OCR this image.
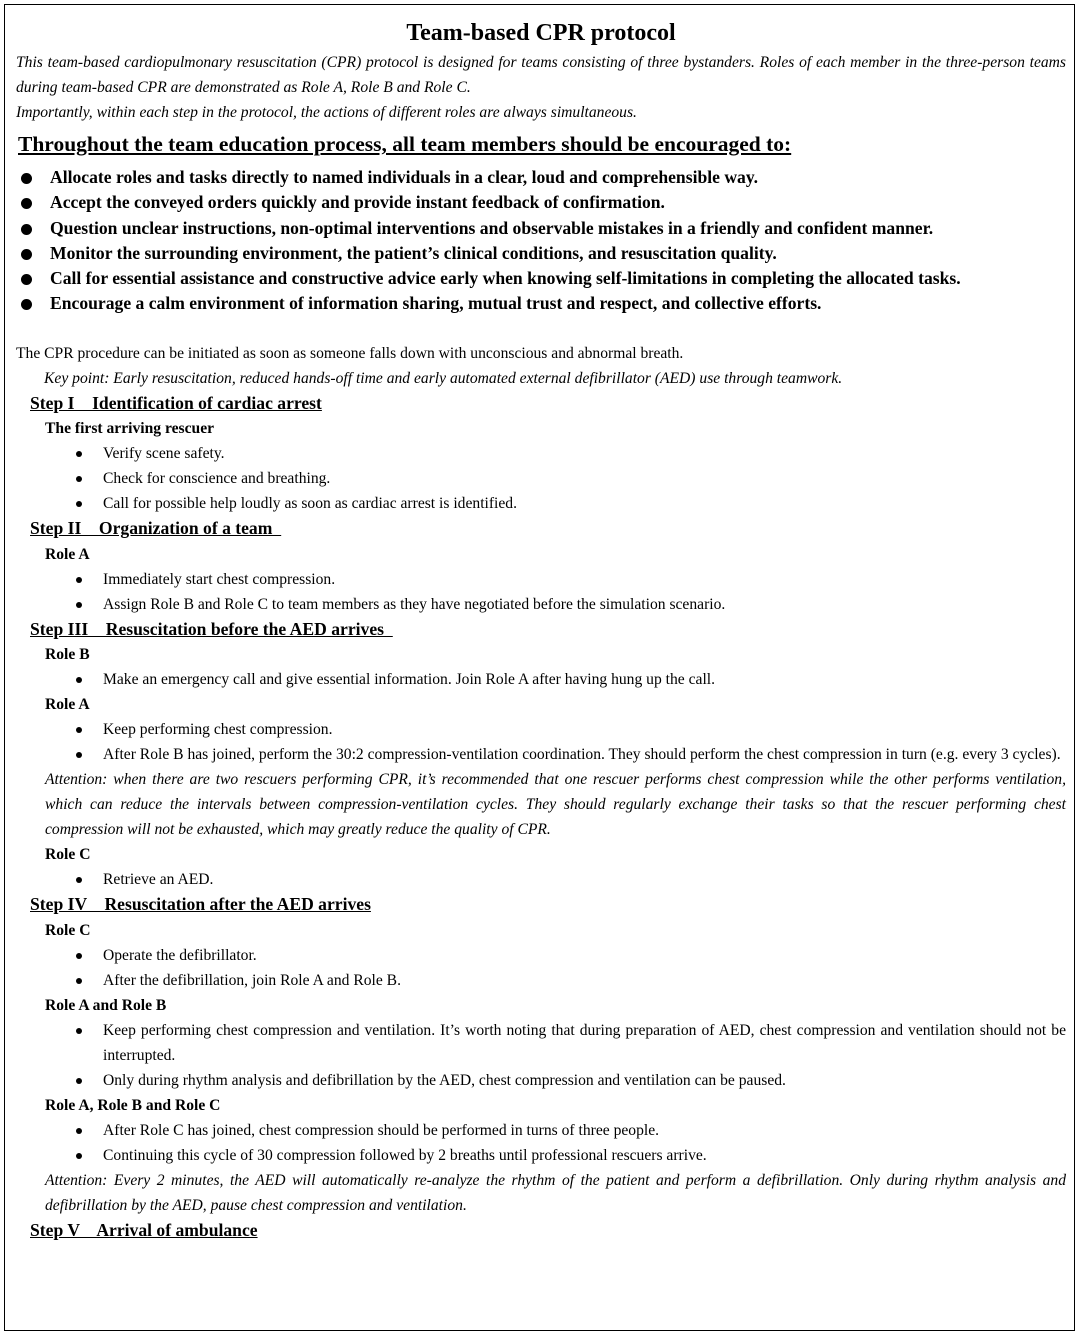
Team-based CPR protocol

This team-based cardiopulmonary resuscitation (CPR) protocol is designed for teams consisting of three bystanders. Roles of each member in the three-person teams during team-based CPR are demonstrated as Role A, Role B and Role C.

Importantly, within each step in the protocol, the actions of different roles are always simultaneous.

Throughout the team education process, all team members should be encouraged to:
Allocate roles and tasks directly to named individuals in a clear, loud and comprehensible way.
Accept the conveyed orders quickly and provide instant feedback of confirmation.
Question unclear instructions, non-optimal interventions and observable mistakes in a friendly and confident manner.
Monitor the surrounding environment, the patient’s clinical conditions, and resuscitation quality.
Call for essential assistance and constructive advice early when knowing self-limitations in completing the allocated tasks.
Encourage a calm environment of information sharing, mutual trust and respect, and collective efforts.

The CPR procedure can be initiated as soon as someone falls down with unconscious and abnormal breath.

Key point: Early resuscitation, reduced hands-off time and early automated external defibrillator (AED) use through teamwork.

Step I    Identification of cardiac arrest
The first arriving rescuer
Verify scene safety.
Check for conscience and breathing.
Call for possible help loudly as soon as cardiac arrest is identified.
Step II    Organization of a team
Role A
Immediately start chest compression.
Assign Role B and Role C to team members as they have negotiated before the simulation scenario.
Step III    Resuscitation before the AED arrives
Role B
Make an emergency call and give essential information. Join Role A after having hung up the call.
Role A
Keep performing chest compression.
After Role B has joined, perform the 30:2 compression-ventilation coordination. They should perform the chest compression in turn (e.g. every 3 cycles).

Attention: when there are two rescuers performing CPR, it’s recommended that one rescuer performs chest compression while the other performs ventilation, which can reduce the intervals between compression-ventilation cycles. They should regularly exchange their tasks so that the rescuer performing chest compression will not be exhausted, which may greatly reduce the quality of CPR.

Role C
Retrieve an AED.
Step IV    Resuscitation after the AED arrives
Role C
Operate the defibrillator.
After the defibrillation, join Role A and Role B.
Role A and Role B
Keep performing chest compression and ventilation. It’s worth noting that during preparation of AED, chest compression and ventilation should not be interrupted.
Only during rhythm analysis and defibrillation by the AED, chest compression and ventilation can be paused.
Role A, Role B and Role C
After Role C has joined, chest compression should be performed in turns of three people.
Continuing this cycle of 30 compression followed by 2 breaths until professional rescuers arrive.

Attention: Every 2 minutes, the AED will automatically re-analyze the rhythm of the patient and perform a defibrillation. Only during rhythm analysis and defibrillation by the AED, pause chest compression and ventilation.

Step V    Arrival of ambulance
